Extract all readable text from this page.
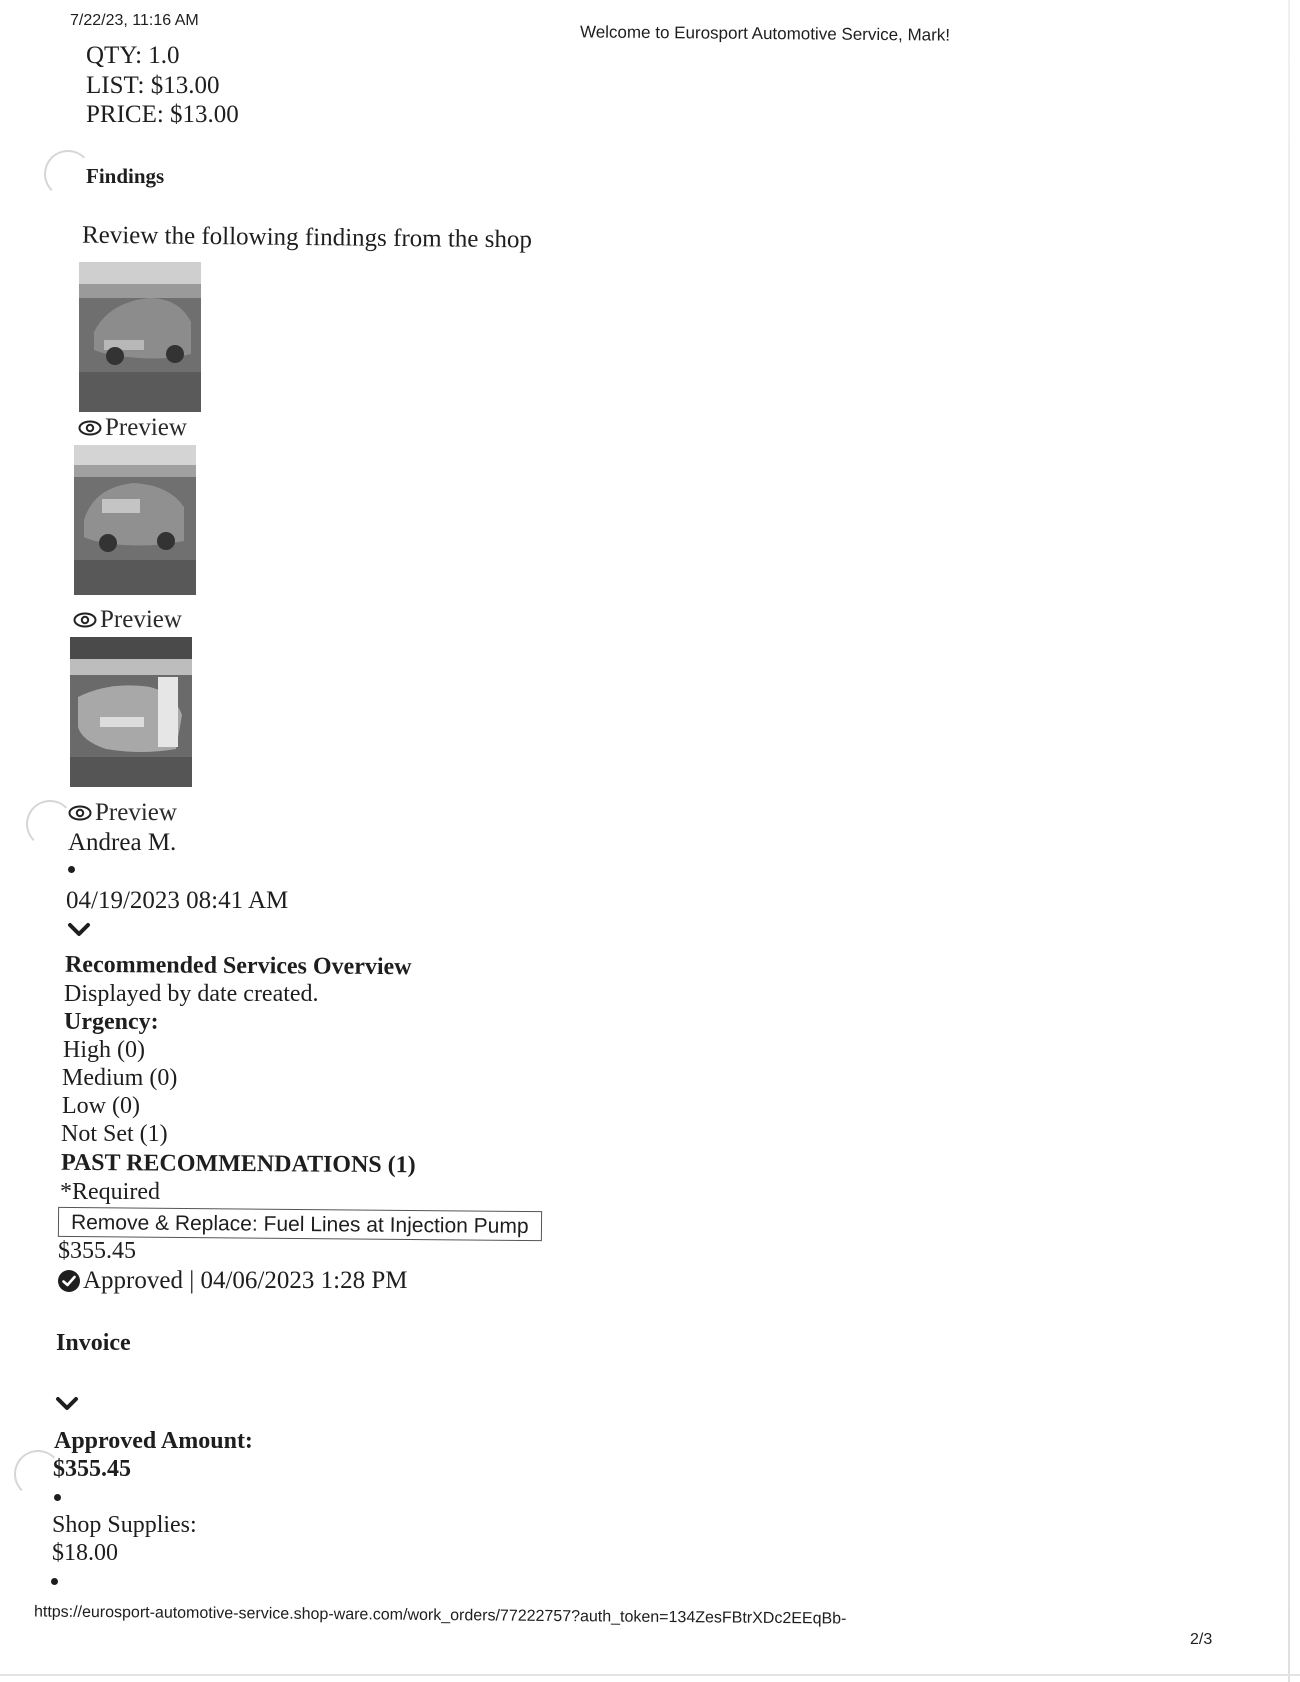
7/22/23, 11:16 AM
Welcome to Eurosport Automotive Service, Mark!
QTY: 1.0
LIST: $13.00
PRICE: $13.00
Findings
Review the following findings from the shop
Preview
Preview
Preview
Andrea M.
04/19/2023 08:41 AM
Recommended Services Overview
Displayed by date created.
Urgency:
High (0)
Medium (0)
Low (0)
Not Set (1)
PAST RECOMMENDATIONS (1)
*Required
Remove & Replace: Fuel Lines at Injection Pump
$355.45
Approved | 04/06/2023 1:28 PM
Invoice
Approved Amount:
$355.45
Shop Supplies:
$18.00
https://eurosport-automotive-service.shop-ware.com/work_orders/77222757?auth_token=134ZesFBtrXDc2EEqBb-
2/3
